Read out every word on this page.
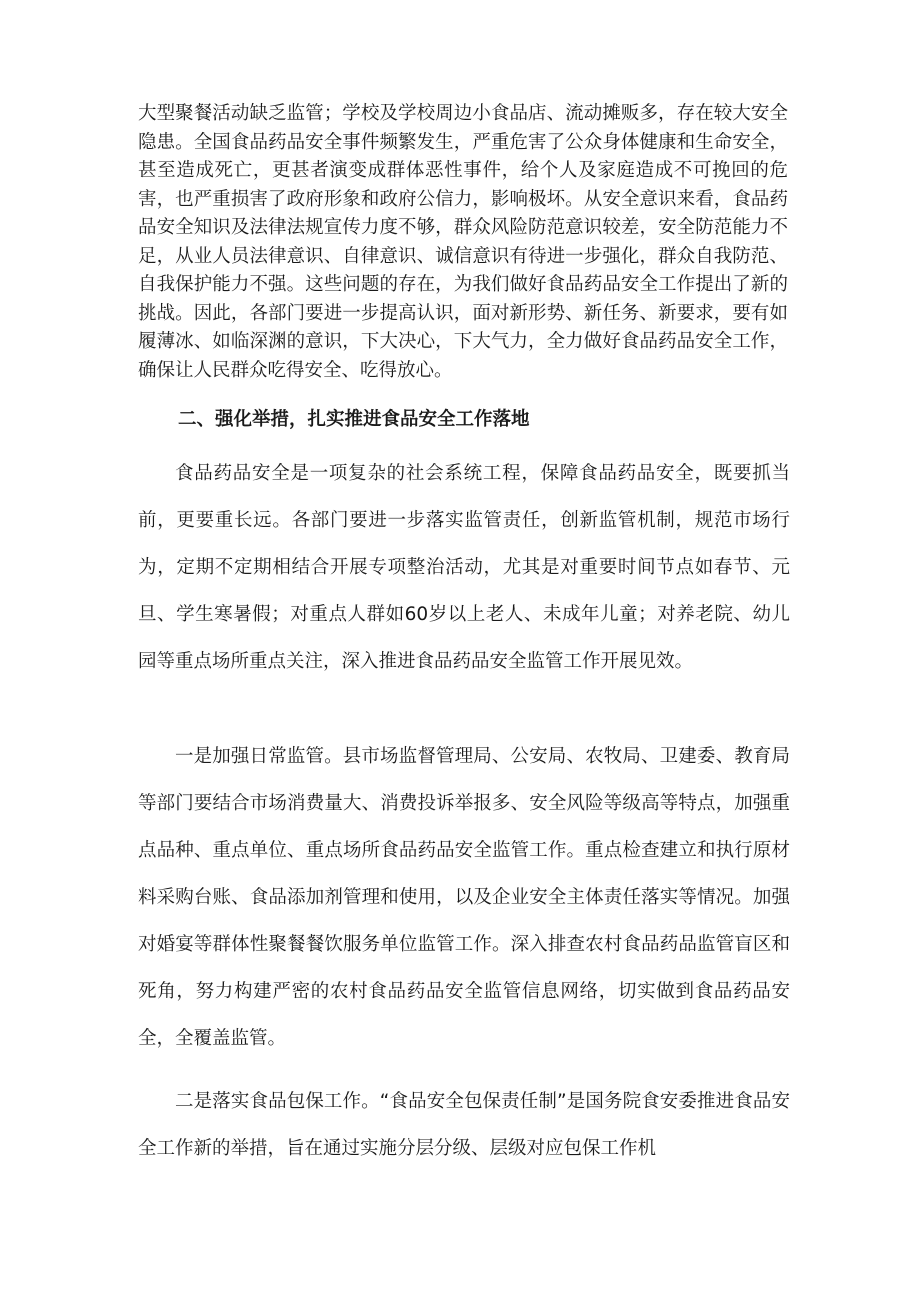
大型聚餐活动缺乏监管；学校及学校周边小食品店、流动摊贩多，存在较大安全隐患。全国食品药品安全事件频繁发生，严重危害了公众身体健康和生命安全，甚至造成死亡，更甚者演变成群体恶性事件，给个人及家庭造成不可挽回的危害，也严重损害了政府形象和政府公信力，影响极坏。从安全意识来看，食品药品安全知识及法律法规宣传力度不够，群众风险防范意识较差，安全防范能力不足，从业人员法律意识、自律意识、诚信意识有待进一步强化，群众自我防范、自我保护能力不强。这些问题的存在，为我们做好食品药品安全工作提出了新的挑战。因此，各部门要进一步提高认识，面对新形势、新任务、新要求，要有如履薄冰、如临深渊的意识，下大决心，下大气力，全力做好食品药品安全工作，确保让人民群众吃得安全、吃得放心。

二、强化举措，扎实推进食品安全工作落地

食品药品安全是一项复杂的社会系统工程，保障食品药品安全，既要抓当前，更要重长远。各部门要进一步落实监管责任，创新监管机制，规范市场行为，定期不定期相结合开展专项整治活动，尤其是对重要时间节点如春节、元旦、学生寒暑假；对重点人群如60岁以上老人、未成年儿童；对养老院、幼儿园等重点场所重点关注，深入推进食品药品安全监管工作开展见效。

一是加强日常监管。县市场监督管理局、公安局、农牧局、卫建委、教育局等部门要结合市场消费量大、消费投诉举报多、安全风险等级高等特点，加强重点品种、重点单位、重点场所食品药品安全监管工作。重点检查建立和执行原材料采购台账、食品添加剂管理和使用，以及企业安全主体责任落实等情况。加强对婚宴等群体性聚餐餐饮服务单位监管工作。深入排查农村食品药品监管盲区和死角，努力构建严密的农村食品药品安全监管信息网络，切实做到食品药品安全，全覆盖监管。

二是落实食品包保工作。“食品安全包保责任制”是国务院食安委推进食品安全工作新的举措，旨在通过实施分层分级、层级对应包保工作机
